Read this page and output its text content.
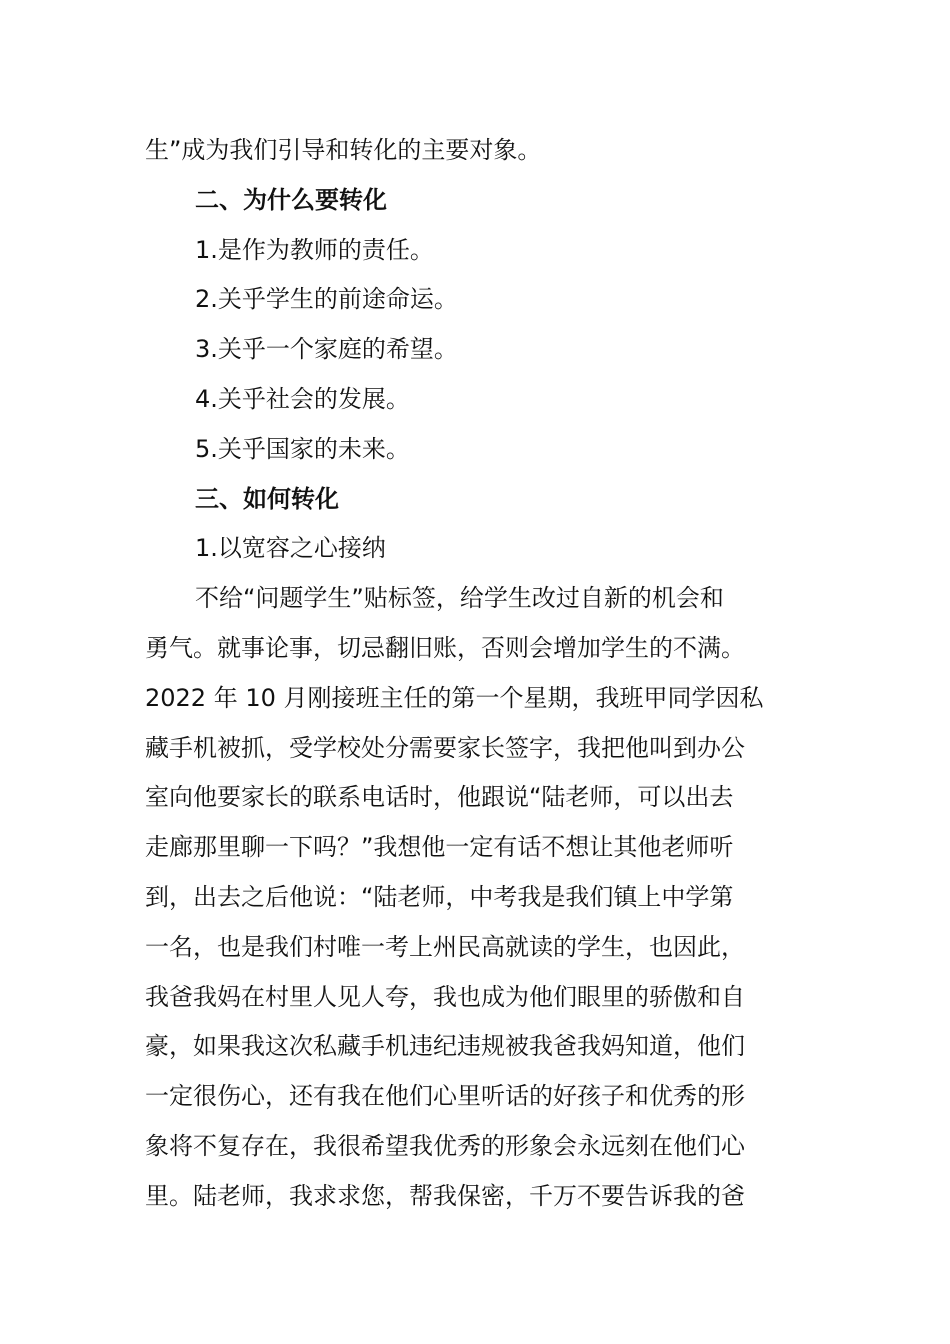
生”成为我们引导和转化的主要对象。
二、为什么要转化
1.是作为教师的责任。
2.关乎学生的前途命运。
3.关乎一个家庭的希望。
4.关乎社会的发展。
5.关乎国家的未来。
三、如何转化
1.以宽容之心接纳
不给“问题学生”贴标签，给学生改过自新的机会和
勇气。就事论事，切忌翻旧账，否则会增加学生的不满。
2022 年 10 月刚接班主任的第一个星期，我班甲同学因私
藏手机被抓，受学校处分需要家长签字，我把他叫到办公
室向他要家长的联系电话时，他跟说“陆老师，可以出去
走廊那里聊一下吗？”我想他一定有话不想让其他老师听
到，出去之后他说：“陆老师，中考我是我们镇上中学第
一名，也是我们村唯一考上州民高就读的学生，也因此，
我爸我妈在村里人见人夸，我也成为他们眼里的骄傲和自
豪，如果我这次私藏手机违纪违规被我爸我妈知道，他们
一定很伤心，还有我在他们心里听话的好孩子和优秀的形
象将不复存在，我很希望我优秀的形象会永远刻在他们心
里。陆老师，我求求您，帮我保密，千万不要告诉我的爸
